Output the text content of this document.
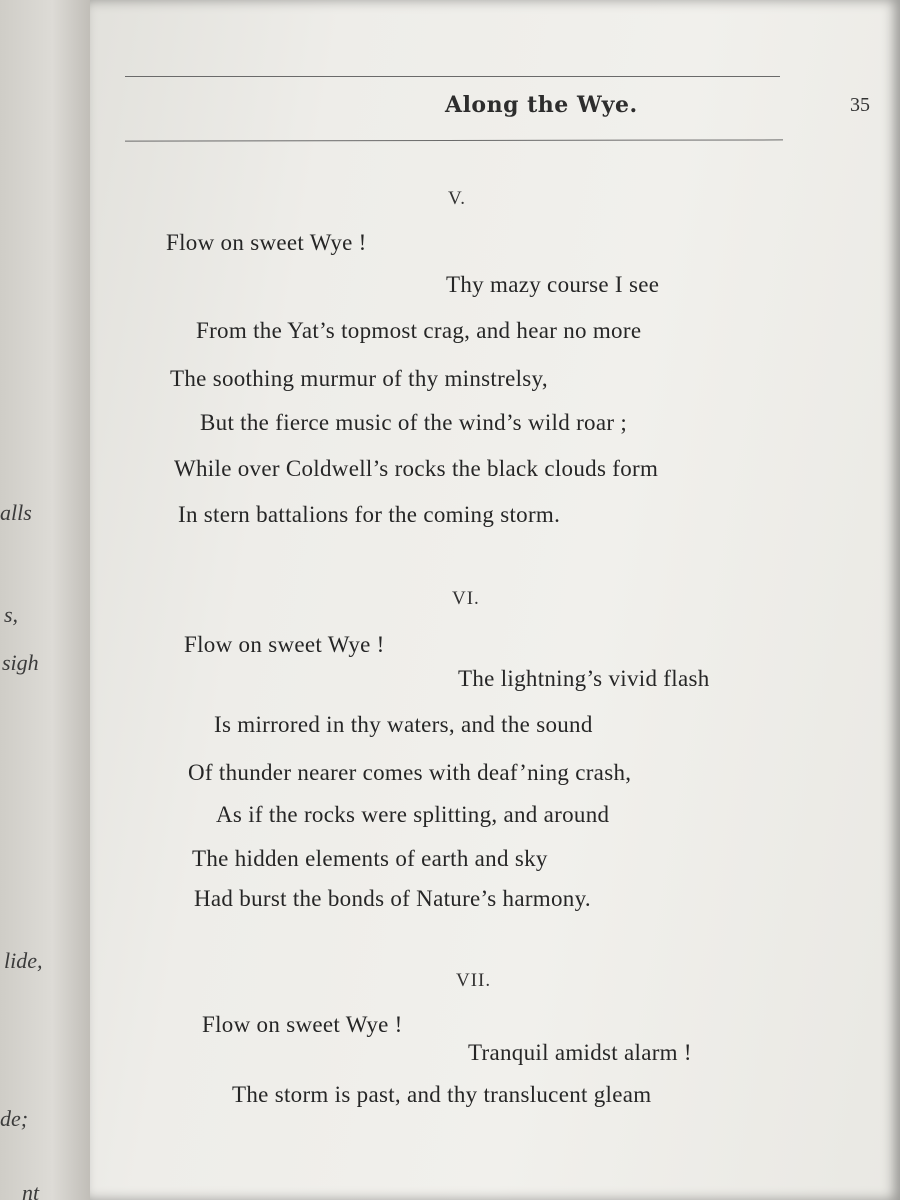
alls
s,
sigh
lide,
de;
nt
Along the Wye.	35
V.
Flow on sweet Wye !
Thy mazy course I see
From the Yat’s topmost crag, and hear no more
The soothing murmur of thy minstrelsy,
But the fierce music of the wind’s wild roar ;
While over Coldwell’s rocks the black clouds form
In stern battalions for the coming storm.
VI.
Flow on sweet Wye !
The lightning’s vivid flash
Is mirrored in thy waters, and the sound
Of thunder nearer comes with deaf’ning crash,
As if the rocks were splitting, and around
The hidden elements of earth and sky
Had burst the bonds of Nature’s harmony.
VII.
Flow on sweet Wye !
Tranquil amidst alarm !
The storm is past, and thy translucent gleam
